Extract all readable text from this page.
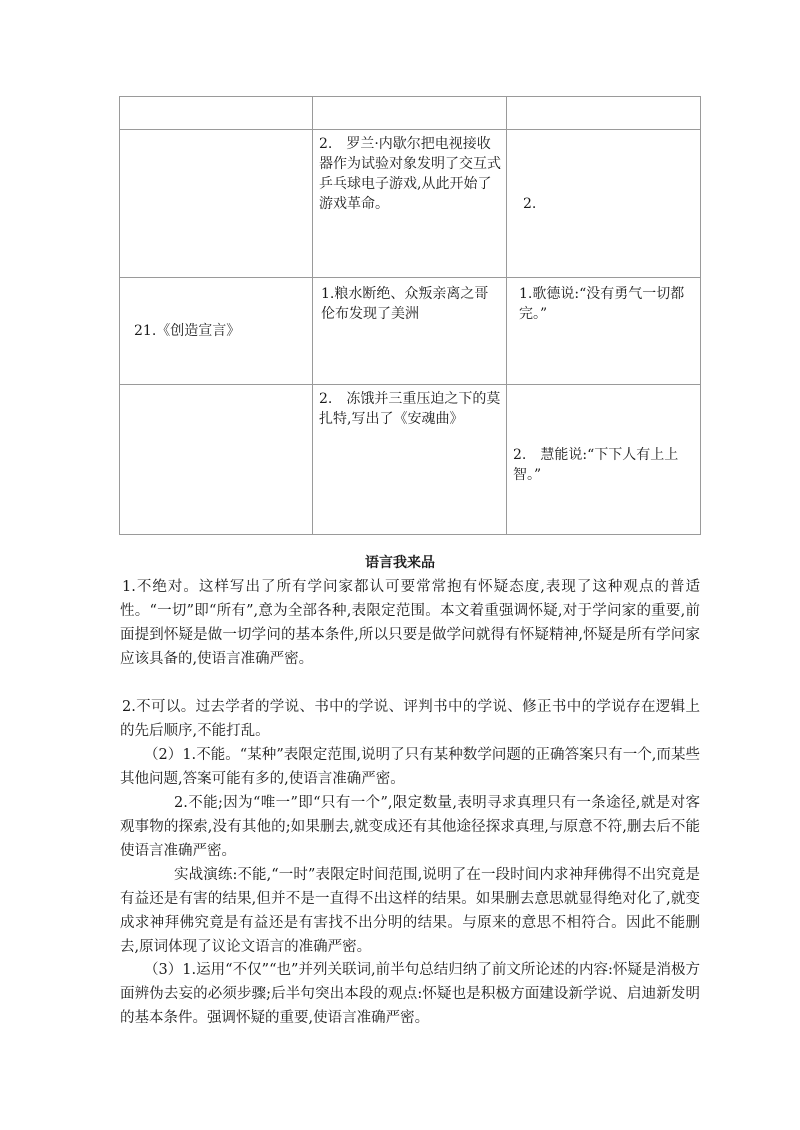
	2.　罗兰·内歇尔把电视接收器作为试验对象发明了交互式乒乓球电子游戏,从此开始了游戏革命。	2.

21.《创造宣言》	1.粮水断绝、众叛亲离之哥伦布发现了美洲	1.歌德说:“没有勇气一切都完。”

	2.　冻饿并三重压迫之下的莫扎特,写出了《安魂曲》	2.　慧能说:“下下人有上上智。”
语言我来品
1.不绝对。这样写出了所有学问家都认可要常常抱有怀疑态度,表现了这种观点的普适性。“一切”即“所有”,意为全部各种,表限定范围。本文着重强调怀疑,对于学问家的重要,前面提到怀疑是做一切学问的基本条件,所以只要是做学问就得有怀疑精神,怀疑是所有学问家应该具备的,使语言准确严密。
2.不可以。过去学者的学说、书中的学说、评判书中的学说、修正书中的学说存在逻辑上的先后顺序,不能打乱。
（2）1.不能。“某种”表限定范围,说明了只有某种数学问题的正确答案只有一个,而某些其他问题,答案可能有多的,使语言准确严密。
2.不能;因为“唯一”即“只有一个”,限定数量,表明寻求真理只有一条途径,就是对客观事物的探索,没有其他的;如果删去,就变成还有其他途径探求真理,与原意不符,删去后不能使语言准确严密。
实战演练:不能,“一时”表限定时间范围,说明了在一段时间内求神拜佛得不出究竟是有益还是有害的结果,但并不是一直得不出这样的结果。如果删去意思就显得绝对化了,就变成求神拜佛究竟是有益还是有害找不出分明的结果。与原来的意思不相符合。因此不能删去,原词体现了议论文语言的准确严密。
（3）1.运用“不仅”“也”并列关联词,前半句总结归纳了前文所论述的内容:怀疑是消极方面辨伪去妄的必须步骤;后半句突出本段的观点:怀疑也是积极方面建设新学说、启迪新发明的基本条件。强调怀疑的重要,使语言准确严密。
